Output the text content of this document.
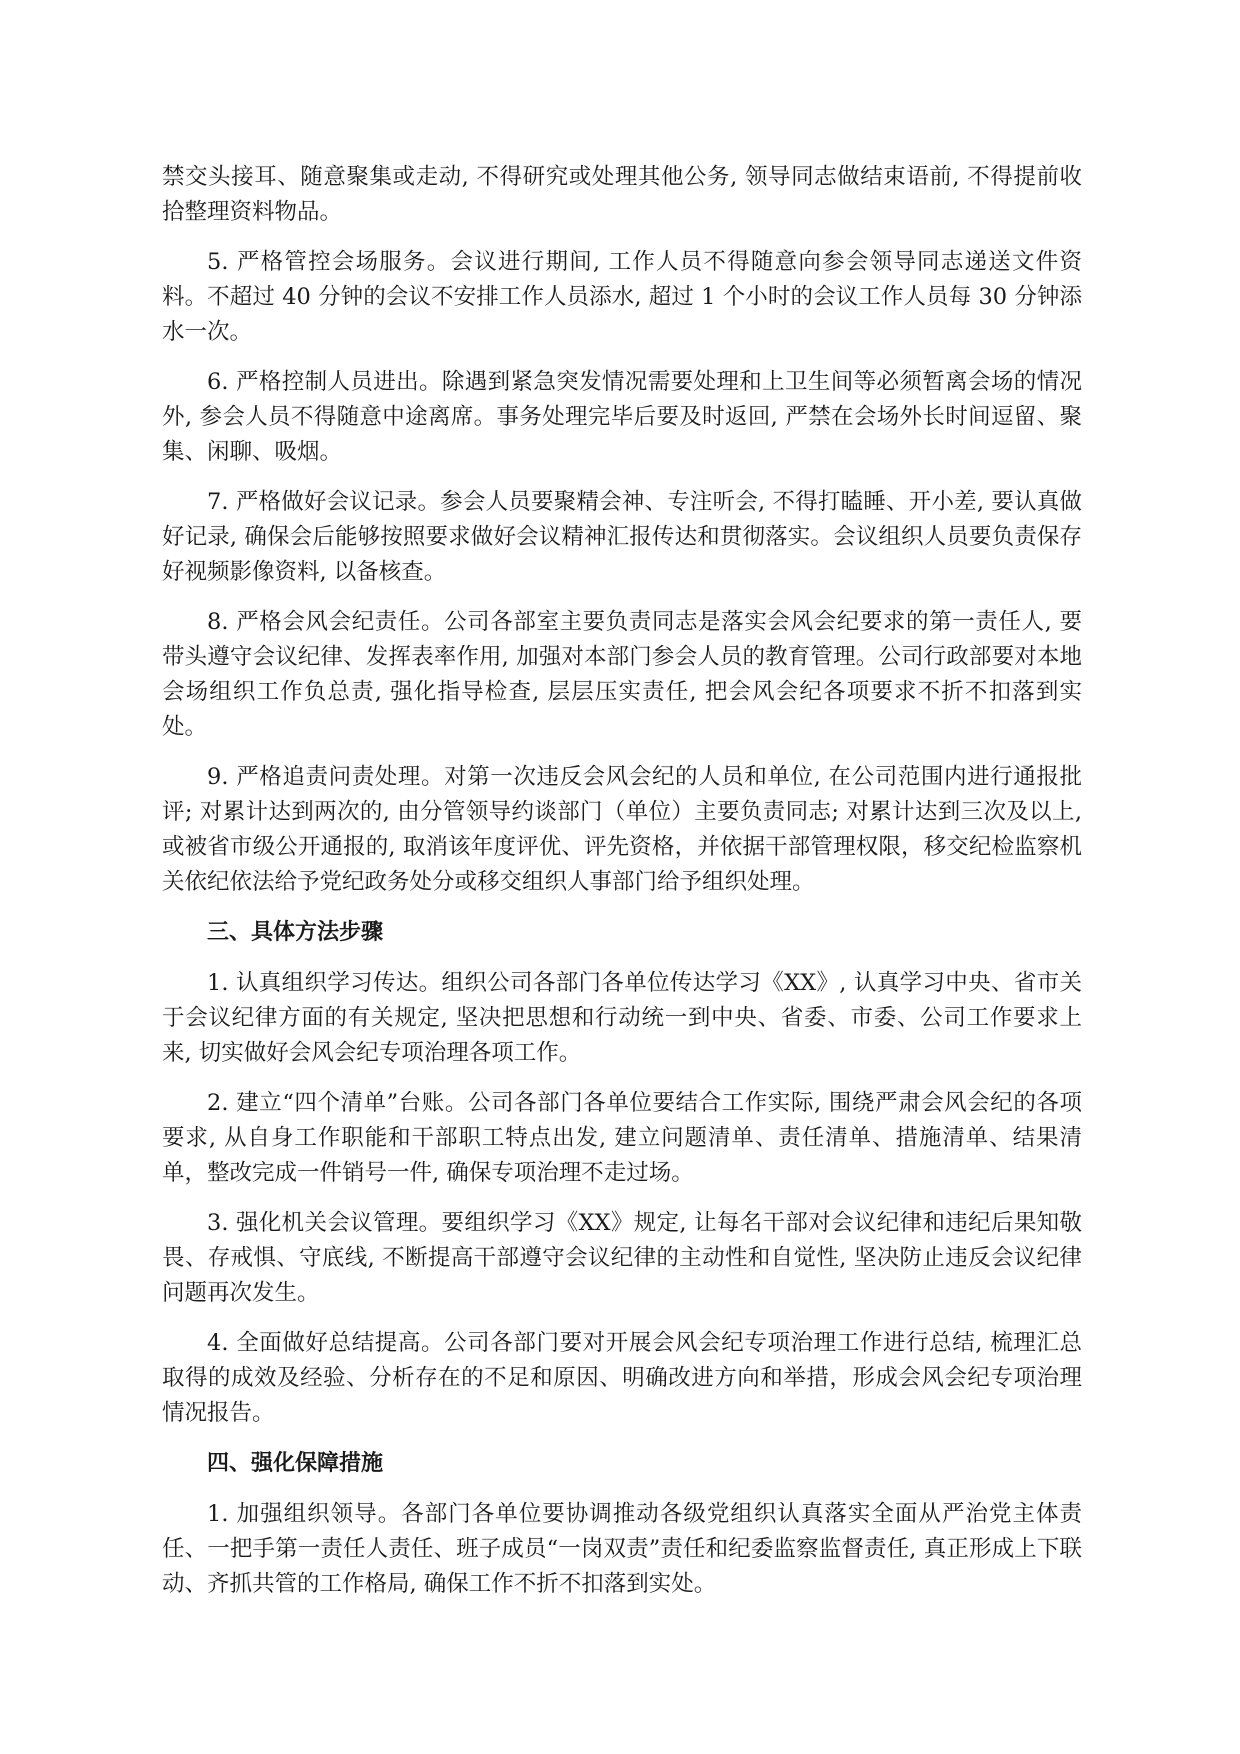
禁交头接耳、随意聚集或走动, 不得研究或处理其他公务, 领导同志做结束语前, 不得提前收拾整理资料物品。

5. 严格管控会场服务。会议进行期间, 工作人员不得随意向参会领导同志递送文件资料。不超过 40 分钟的会议不安排工作人员添水, 超过 1 个小时的会议工作人员每 30 分钟添水一次。

6. 严格控制人员进出。除遇到紧急突发情况需要处理和上卫生间等必须暂离会场的情况外, 参会人员不得随意中途离席。事务处理完毕后要及时返回, 严禁在会场外长时间逗留、聚集、闲聊、吸烟。

7. 严格做好会议记录。参会人员要聚精会神、专注听会, 不得打瞌睡、开小差, 要认真做好记录, 确保会后能够按照要求做好会议精神汇报传达和贯彻落实。会议组织人员要负责保存好视频影像资料, 以备核查。

8. 严格会风会纪责任。公司各部室主要负责同志是落实会风会纪要求的第一责任人, 要带头遵守会议纪律、发挥表率作用, 加强对本部门参会人员的教育管理。公司行政部要对本地会场组织工作负总责, 强化指导检查, 层层压实责任, 把会风会纪各项要求不折不扣落到实处。

9. 严格追责问责处理。对第一次违反会风会纪的人员和单位, 在公司范围内进行通报批评; 对累计达到两次的, 由分管领导约谈部门（单位）主要负责同志; 对累计达到三次及以上, 或被省市级公开通报的, 取消该年度评优、评先资格，并依据干部管理权限，移交纪检监察机关依纪依法给予党纪政务处分或移交组织人事部门给予组织处理。

三、具体方法步骤

1. 认真组织学习传达。组织公司各部门各单位传达学习《XX》, 认真学习中央、省市关于会议纪律方面的有关规定, 坚决把思想和行动统一到中央、省委、市委、公司工作要求上来, 切实做好会风会纪专项治理各项工作。

2. 建立“四个清单”台账。公司各部门各单位要结合工作实际, 围绕严肃会风会纪的各项要求, 从自身工作职能和干部职工特点出发, 建立问题清单、责任清单、措施清单、结果清单，整改完成一件销号一件, 确保专项治理不走过场。

3. 强化机关会议管理。要组织学习《XX》规定, 让每名干部对会议纪律和违纪后果知敬畏、存戒惧、守底线, 不断提高干部遵守会议纪律的主动性和自觉性, 坚决防止违反会议纪律问题再次发生。

4. 全面做好总结提高。公司各部门要对开展会风会纪专项治理工作进行总结, 梳理汇总取得的成效及经验、分析存在的不足和原因、明确改进方向和举措，形成会风会纪专项治理情况报告。

四、强化保障措施

1. 加强组织领导。各部门各单位要协调推动各级党组织认真落实全面从严治党主体责任、一把手第一责任人责任、班子成员“一岗双责”责任和纪委监察监督责任, 真正形成上下联动、齐抓共管的工作格局, 确保工作不折不扣落到实处。
